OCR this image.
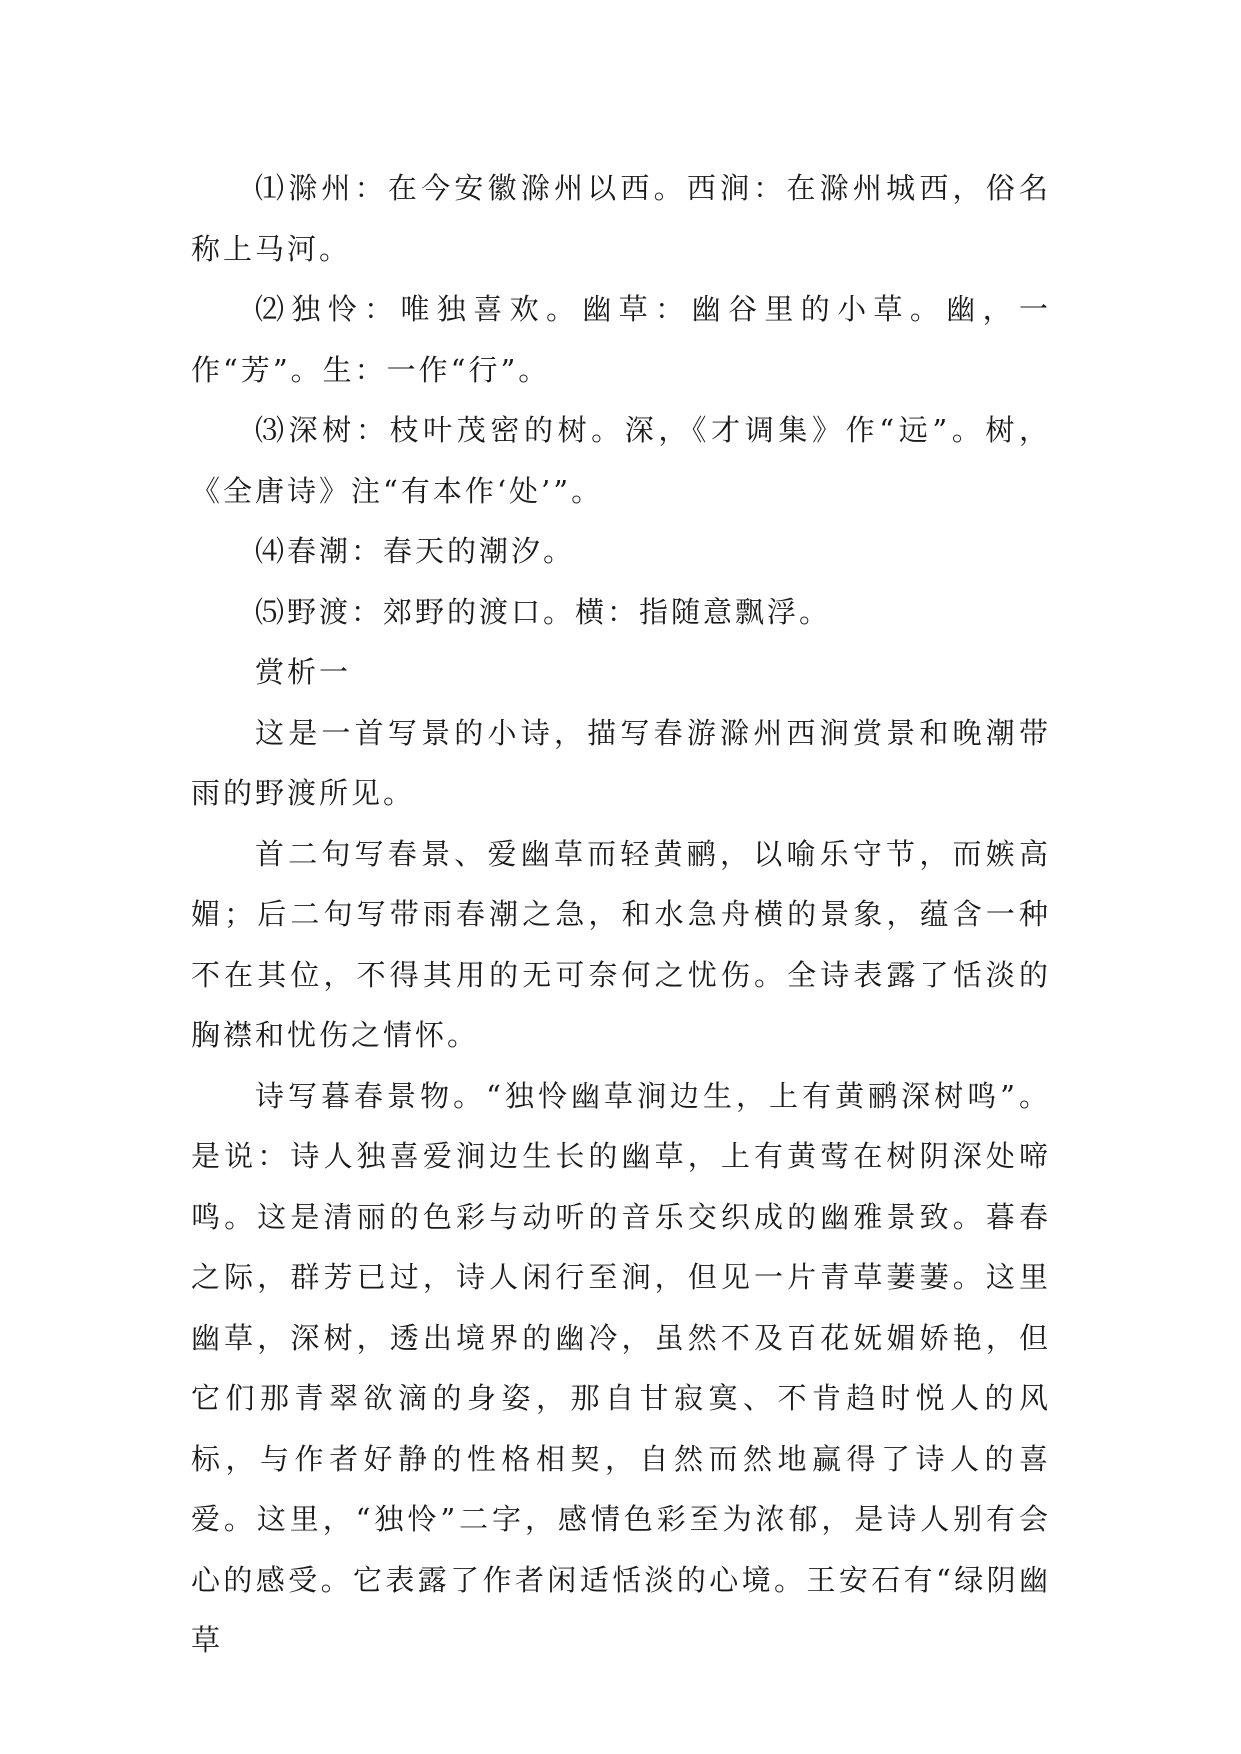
⑴滁州：在今安徽滁州以西。西涧：在滁州城西，俗名称上马河。

⑵独怜：唯独喜欢。幽草：幽谷里的小草。幽，一作“芳”。生：一作“行”。

⑶深树：枝叶茂密的树。深，《才调集》作“远”。树，《全唐诗》注“有本作‘处’”。

⑷春潮：春天的潮汐。

⑸野渡：郊野的渡口。横：指随意飘浮。

赏析一

这是一首写景的小诗，描写春游滁州西涧赏景和晚潮带雨的野渡所见。

首二句写春景、爱幽草而轻黄鹂，以喻乐守节，而嫉高媚；后二句写带雨春潮之急，和水急舟横的景象，蕴含一种不在其位，不得其用的无可奈何之忧伤。全诗表露了恬淡的胸襟和忧伤之情怀。

诗写暮春景物。“独怜幽草涧边生，上有黄鹂深树鸣”。是说：诗人独喜爱涧边生长的幽草，上有黄莺在树阴深处啼鸣。这是清丽的色彩与动听的音乐交织成的幽雅景致。暮春之际，群芳已过，诗人闲行至涧，但见一片青草萋萋。这里幽草，深树，透出境界的幽冷，虽然不及百花妩媚娇艳，但它们那青翠欲滴的身姿，那自甘寂寞、不肯趋时悦人的风标，与作者好静的性格相契，自然而然地赢得了诗人的喜爱。这里，“独怜”二字，感情色彩至为浓郁，是诗人别有会心的感受。它表露了作者闲适恬淡的心境。王安石有“绿阴幽草
